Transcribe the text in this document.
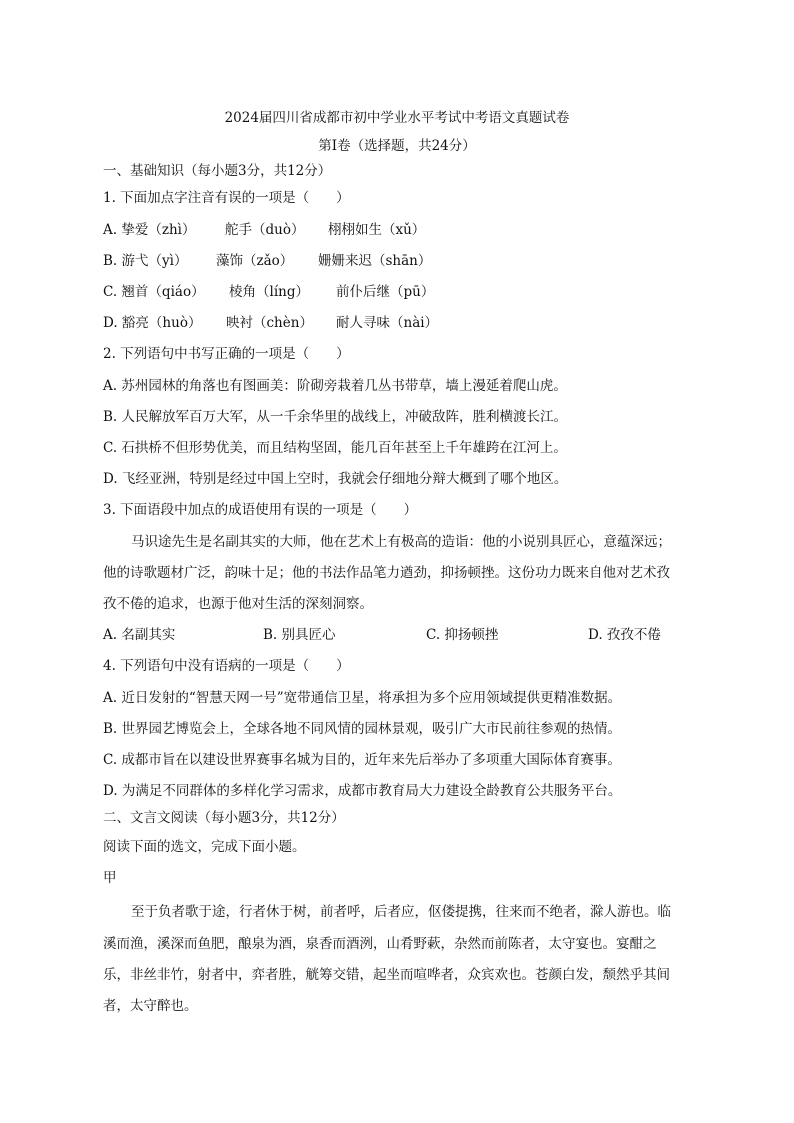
2024届四川省成都市初中学业水平考试中考语文真题试卷
第Ⅰ卷（选择题，共24分）
一、基础知识（每小题3分，共12分）
1. 下面加点字注音有误的一项是（　　）
A. 挚爱（zhì） 舵手（duò） 栩栩如生（xǔ）
B. 游弋（yì） 藻饰（zǎo） 姗姗来迟（shān）
C. 翘首（qiáo） 棱角（líng） 前仆后继（pū）
D. 豁亮（huò） 映衬（chèn） 耐人寻味（nài）
2. 下列语句中书写正确的一项是（　　）
A. 苏州园林的角落也有图画美：阶砌旁栽着几丛书带草，墙上漫延着爬山虎。
B. 人民解放军百万大军，从一千余华里的战线上，冲破敌阵，胜利横渡长江。
C. 石拱桥不但形势优美，而且结构坚固，能几百年甚至上千年雄跨在江河上。
D. 飞经亚洲，特别是经过中国上空时，我就会仔细地分辩大概到了哪个地区。
3. 下面语段中加点的成语使用有误的一项是（　　）
马识途先生是名副其实的大师，他在艺术上有极高的造诣：他的小说别具匠心，意蕴深远；
他的诗歌题材广泛，韵味十足；他的书法作品笔力遒劲，抑扬顿挫。这份功力既来自他对艺术孜
孜不倦的追求，也源于他对生活的深刻洞察。
A. 名副其实	B. 别具匠心	C. 抑扬顿挫	D. 孜孜不倦
4. 下列语句中没有语病的一项是（　　）
A. 近日发射的“智慧天网一号”宽带通信卫星，将承担为多个应用领域提供更精准数据。
B. 世界园艺博览会上，全球各地不同风情的园林景观，吸引广大市民前往参观的热情。
C. 成都市旨在以建设世界赛事名城为目的，近年来先后举办了多项重大国际体育赛事。
D. 为满足不同群体的多样化学习需求，成都市教育局大力建设全龄教育公共服务平台。
二、文言文阅读（每小题3分，共12分）
阅读下面的选文，完成下面小题。
甲
至于负者歌于途，行者休于树，前者呼，后者应，伛偻提携，往来而不绝者，滁人游也。临
溪而渔，溪深而鱼肥，酿泉为酒，泉香而酒洌，山肴野蔌，杂然而前陈者，太守宴也。宴酣之
乐，非丝非竹，射者中，弈者胜，觥筹交错，起坐而喧哗者，众宾欢也。苍颜白发，颓然乎其间
者，太守醉也。
